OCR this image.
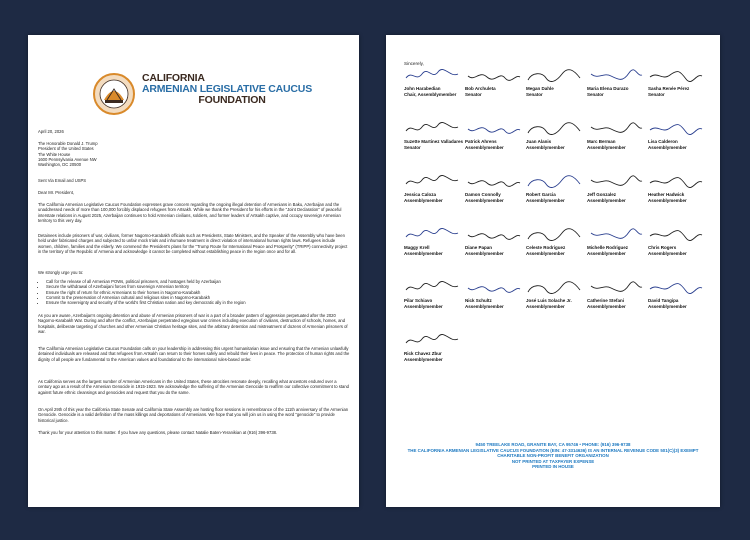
CALIFORNIA
ARMENIAN LEGISLATIVE CAUCUS
FOUNDATION
April 20, 2026
The Honorable Donald J. Trump
President of the United States
The White House
1600 Pennsylvania Avenue NW
Washington, DC 20500
Sent Via Email and USPS
Dear Mr. President,
The California Armenian Legislative Caucus Foundation expresses grave concern regarding the ongoing illegal detention of Armenians in Baku, Azerbaijan and the unaddressed needs of more than 100,000 forcibly displaced refugees from Artsakh. While we thank the President for his efforts in the "Joint Declaration" of peaceful interstate relations in August 2025, Azerbaijan continues to hold Armenian civilians, soldiers, and former leaders of Artsakh captive, and occupy sovereign Armenian territory to this very day.
Detainees include prisoners of war, civilians, former Nagorno-Karabakh officials such as Presidents, State Ministers, and the Speaker of the Assembly who have been held under fabricated charges and subjected to unfair mock trials and inhumane treatment in direct violation of international human rights laws. Refugees include women, children, families and the elderly. We commend the President's plans for the "Trump Route for International Peace and Prosperity" (TRIPP) connectivity project in the territory of the Republic of Armenia and acknowledge it cannot be completed without establishing peace in the region once and for all.
We strongly urge you to:
• Call for the release of all Armenian POWs, political prisoners, and hostages held by Azerbaijan
• Secure the withdrawal of Azerbaijani forces from sovereign Armenian territory
• Ensure the right of return for ethnic Armenians to their homes in Nagorno-Karabakh
• Commit to the preservation of Armenian cultural and religious sites in Nagorno-Karabakh
• Ensure the sovereignty and security of the world's first Christian nation and key democratic ally in the region
As you are aware, Azerbaijan's ongoing detention and abuse of Armenian prisoners of war is a part of a broader pattern of aggression perpetuated after the 2020 Nagorno-Karabakh War. During and after the conflict, Azerbaijan perpetrated egregious war crimes including execution of civilians, destruction of schools, homes, and hospitals, deliberate targeting of churches and other Armenian Christian heritage sites, and the arbitrary detention and mistreatment of dozens of Armenian prisoners of war.
The California Armenian Legislative Caucus Foundation calls on your leadership in addressing this urgent humanitarian issue and ensuring that the Armenian unlawfully detained individuals are released and that refugees from Artsakh can return to their homes safely and rebuild their lives in peace. The protection of human rights and the dignity of all people are fundamental to the American values and foundational to the international rules-based order.
As California serves as the largest number of Armenian Americans in the United States, these atrocities resonate deeply, recalling what ancestors endured over a century ago as a result of the Armenian Genocide in 1915-1923. We acknowledge the suffering of the Armenian Genocide to reaffirm our collective commitment to stand against future ethnic cleansings and genocides and request that you do the same.
On April 29th of this year the California State Senate and California State Assembly are hosting floor sessions in remembrance of the 111th anniversary of the Armenian Genocide. Genocide is a valid definition of the mass killings and deportations of Armenians. We hope that you will join us in using the word "genocide" to provide historical justice.
Thank you for your attention to this matter. If you have any questions, please contact Natalie Baten-Yeranikian at (916) 396-9738.
Sincerely,
John Harabedian
Chair, Assemblymember
Bob Archuleta
Senator
Megan Dahle
Senator
Maria Elena Durazo
Senator
Sasha Renée Pérez
Senator
Suzette Martinez Valladares
Senator
Patrick Ahrens
Assemblymember
Juan Alanis
Assemblymember
Marc Berman
Assemblymember
Lisa Calderon
Assemblymember
Jessica Caloza
Assemblymember
Damon Connolly
Assemblymember
Robert Garcia
Assemblymember
Jeff Gonzalez
Assemblymember
Heather Hadwick
Assemblymember
Maggy Krell
Assemblymember
Diane Papan
Assemblymember
Celeste Rodriguez
Assemblymember
Michelle Rodriguez
Assemblymember
Chris Rogers
Assemblymember
Pilar Schiavo
Assemblymember
Nick Schultz
Assemblymember
José Luis Solache Jr.
Assemblymember
Catherine Stefani
Assemblymember
David Tangipa
Assemblymember
Rick Chavez Zbur
Assemblymember
9450 TREELAKE ROAD, GRANITE BAY, CA 95746 • PHONE: (916) 396-9738
THE CALIFORNIA ARMENIAN LEGISLATIVE CAUCUS FOUNDATION (EIN: 47-3314636) IS AN INTERNAL REVENUE CODE 501(C)(3) EXEMPT
CHARITABLE NON-PROFIT BENEFIT ORGANIZATION
NOT PRINTED AT TAXPAYER EXPENSE
PRINTED IN HOUSE
